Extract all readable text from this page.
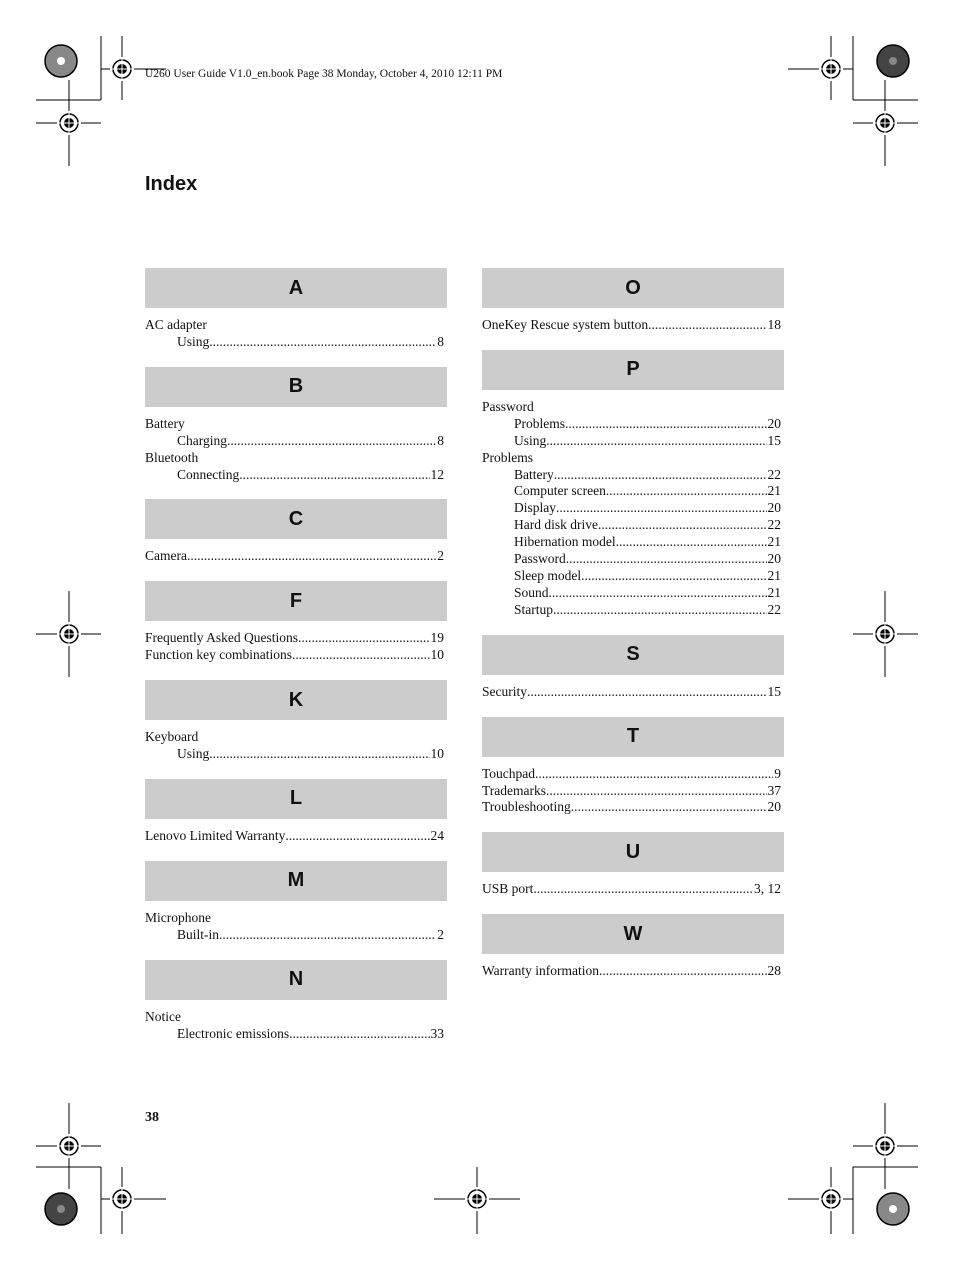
U260 User Guide V1.0_en.book Page 38 Monday, October 4, 2010 12:11 PM
Index
A
AC adapter
Using .....	8
B
Battery
Charging .....	8
Bluetooth
Connecting .....	12
C
Camera .....	2
F
Frequently Asked Questions .....	19
Function key combinations .....	10
K
Keyboard
Using .....	10
L
Lenovo Limited Warranty .....	24
M
Microphone
Built-in .....	2
N
Notice
Electronic emissions .....	33
O
OneKey Rescue system button .....	18
P
Password
Problems .....	20
Using .....	15
Problems
Battery .....	22
Computer screen .....	21
Display .....	20
Hard disk drive .....	22
Hibernation model .....	21
Password .....	20
Sleep model .....	21
Sound .....	21
Startup .....	22
S
Security .....	15
T
Touchpad .....	9
Trademarks .....	37
Troubleshooting .....	20
U
USB port .....	3, 12
W
Warranty information .....	28
38
